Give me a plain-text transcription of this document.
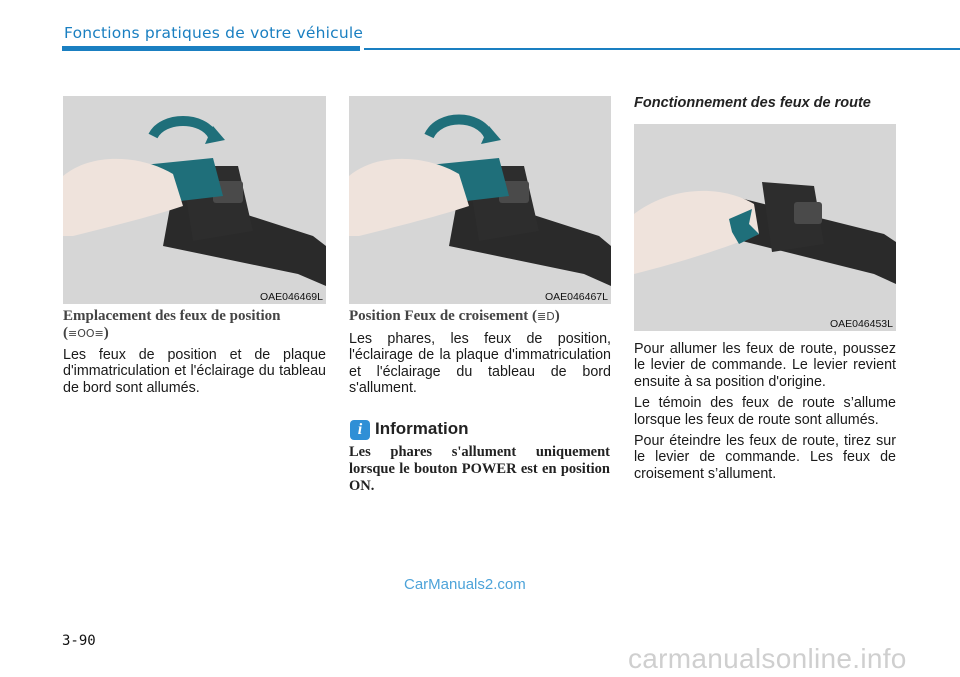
Fonctions pratiques de votre véhicule
OAE046469L	OAE046467L
OAE046453L
Emplacement des feux de position
(≡OO≡)
Les feux de position et de plaque d'immatriculation et l'éclairage du tableau de bord sont allumés.
Position Feux de croisement (≣D)
Les phares, les feux de position, l'éclairage de la plaque d'immatriculation et l'éclairage du tableau de bord s'allument.
i Information
Les phares s'allument uniquement lorsque le bouton POWER est en position ON.
Fonctionnement des feux de route

Pour allumer les feux de route, poussez le levier de commande. Le levier revient ensuite à sa position d'origine.

Le témoin des feux de route s’allume lorsque les feux de route sont allumés.

Pour éteindre les feux de route, tirez sur le levier de commande. Les feux de croisement s’allument.

3-90
CarManuals2.com
carmanualsonline.info
